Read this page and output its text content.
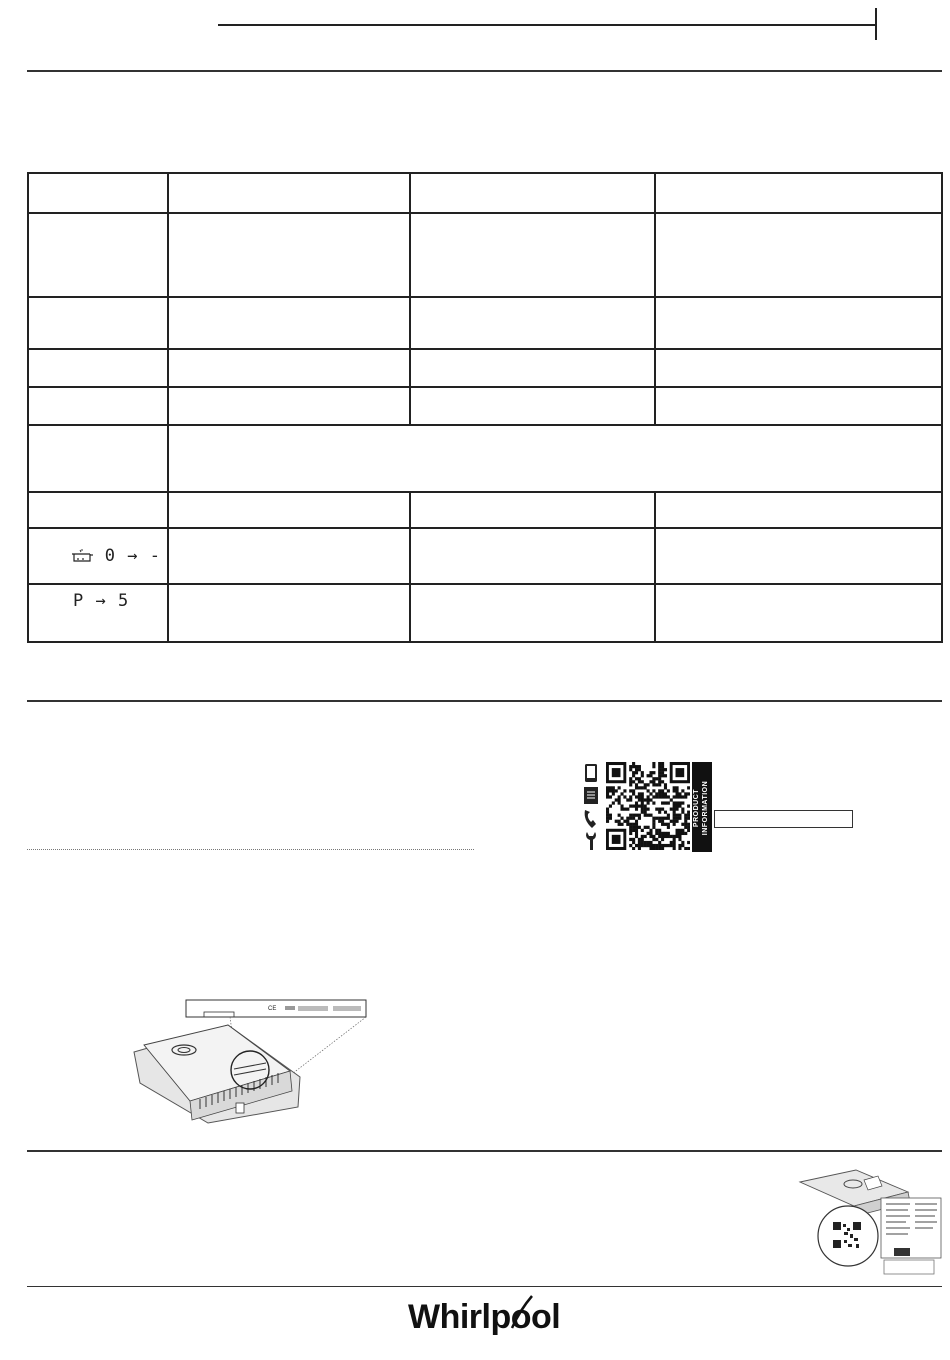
0 → -			
P → 5			
PRODUCT INFORMATION
CE
Whirlpool
